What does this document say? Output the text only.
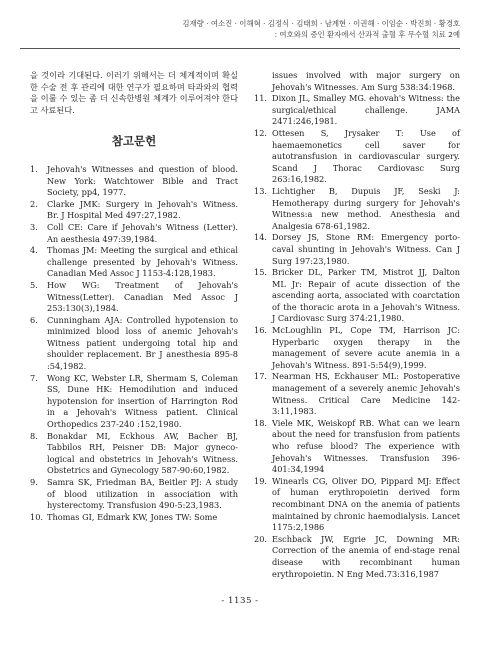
김재량 · 여소진 · 이해혁 · 김정식 · 김태희 · 남계현 · 이권해 · 이임순 · 박진희 · 황경호
: 여호와의 증인 환자에서 산과적 출혈 후 무수혈 치료 2예

을 것이라 기대된다. 이러기 위해서는 더 체계적이며 확실한 수술 전 후 관리에 대한 연구가 필요하며 타과와의 협력을 이룰 수 있는 좀 더 신속한병원 체계가 이루어져야 한다고 사료된다.

참고문헌

1. Jehovah's Witnesses and question of blood. New York: Watchtower Bible and Tract Society, pp4, 1977.

2. Clarke JMK: Surgery in Jehovah's Witness. Br. J Hospital Med 497:27,1982.

3. Coll CE: Care if Jehovah's Witness (Letter). An aesthesia 497:39,1984.

4. Thomas JM: Meeting the surgical and ethical challenge presented by Jehovah's Witness. Canadian Med Assoc J 1153-4:128,1983.

5. How WG: Treatment of Jehovah's Witness(Letter). Canadian Med Assoc J 253:130(3),1984.

6. Cunningham AJA: Controlled hypotension to minimized blood loss of anemic Jehovah's Witness patient undergoing total hip and shoulder replacement. Br J anesthesia 895-8 :54,1982.

7. Wong KC, Webster LR, Shermam S, Coleman SS, Dune HK: Hemodilution and induced hypotension for insertion of Harrington Rod in a Jehovah's Witness patient. Clinical Orthopedics 237-240 :152,1980.

8. Bonakdar MI, Eckhous AW, Bacher BJ, Tabbilos RH, Peisner DB: Major gyneco-logical and obstetrics in Jehovah's Witness. Obstetrics and Gynecology 587-90:60,1982.

9. Samra SK, Friedman BA, Beitler PJ: A study of blood utilization in association with hysterectomy. Transfusion 490-5:23,1983.

10. Thomas GI, Edmark KW, Jones TW: Some

issues involved with major surgery on Jehovah's Witnesses. Am Surg 538:34:1968.

11. Dixon JL, Smalley MG. ehovah's Witness: the surgical/ethical challenge. JAMA 2471:246,1981.

12. Ottesen S, Jrysaker T: Use of haemaemonetics cell saver for autotransfusion in cardiovascular surgery. Scand J Thorac Cardiovasc Surg 263:16,1982.

13. Lichtigher B, Dupuis JF, Seski J: Hemotherapy during surgery for Jehovah's Witness:a new method. Anesthesia and Analgesia 678-61,1982.

14. Dorsey JS, Stone RM: Emergency porto-caval shunting in Jehovah's Witness. Can J Surg 197:23,1980.

15. Bricker DL, Parker TM, Mistrot JJ, Dalton ML Jr: Repair of acute dissection of the ascending aorta, associated with coarctation of the thoracic arota in a Jehovah's Witness. J Cardiovasc Surg 374:21,1980.

16. McLoughlin PL, Cope TM, Harrison JC: Hyperbaric oxygen therapy in the management of severe acute anemia in a Jehovah's Witness. 891-5:54(9),1999.

17. Nearman HS, Eckhauser ML: Postoperative management of a severely anemic Jehovah's Witness. Critical Care Medicine 142-3:11,1983.

18. Viele MK, Weiskopf RB. What can we learn about the need for transfusion from patients who refuse blood? The experience with Jehovah's Witnesses. Transfusion 396-401:34,1994

19. Winearls CG, Oliver DO, Pippard MJ: Effect of human erythropoietin derived form recombinant DNA on the anemia of patients maintained by chronic haemodialysis. Lancet 1175:2,1986

20. Eschback JW, Egrie JC, Downing MR: Correction of the anemia of end-stage renal disease with recombinant human erythropoietin. N Eng Med.73:316,1987

- 1135 -
